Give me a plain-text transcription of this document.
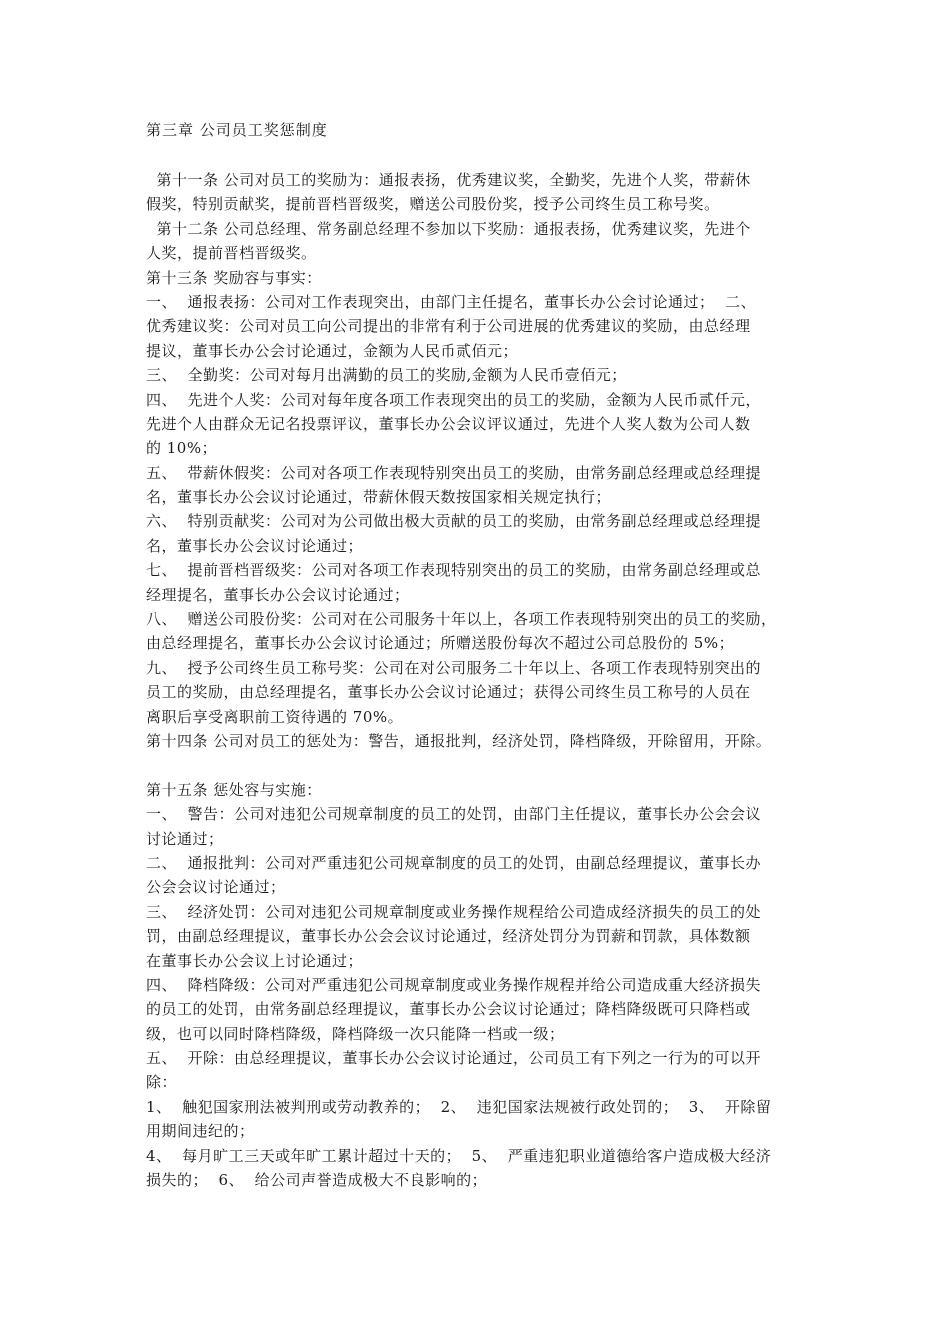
第三章 公司员工奖惩制度
第十一条 公司对员工的奖励为：通报表扬，优秀建议奖，全勤奖，先进个人奖，带薪休
假奖，特别贡献奖，提前晋档晋级奖，赠送公司股份奖，授予公司终生员工称号奖。
第十二条 公司总经理、常务副总经理不参加以下奖励：通报表扬，优秀建议奖，先进个
人奖，提前晋档晋级奖。
第十三条 奖励容与事实：
一、  通报表扬：公司对工作表现突出，由部门主任提名，董事长办公会讨论通过；  二、
优秀建议奖：公司对员工向公司提出的非常有利于公司进展的优秀建议的奖励，由总经理
提议，董事长办公会讨论通过，金额为人民币贰佰元；
三、  全勤奖：公司对每月出满勤的员工的奖励,金额为人民币壹佰元；
四、  先进个人奖：公司对每年度各项工作表现突出的员工的奖励，金额为人民币贰仟元，
先进个人由群众无记名投票评议，董事长办公会议评议通过，先进个人奖人数为公司人数
的 10%；
五、  带薪休假奖：公司对各项工作表现特别突出员工的奖励，由常务副总经理或总经理提
名，董事长办公会议讨论通过，带薪休假天数按国家相关规定执行；
六、  特别贡献奖：公司对为公司做出极大贡献的员工的奖励，由常务副总经理或总经理提
名，董事长办公会议讨论通过；
七、  提前晋档晋级奖：公司对各项工作表现特别突出的员工的奖励，由常务副总经理或总
经理提名，董事长办公会议讨论通过；
八、  赠送公司股份奖：公司对在公司服务十年以上，各项工作表现特别突出的员工的奖励，
由总经理提名，董事长办公会议讨论通过；所赠送股份每次不超过公司总股份的 5%；
九、  授予公司终生员工称号奖：公司在对公司服务二十年以上、各项工作表现特别突出的
员工的奖励，由总经理提名，董事长办公会议讨论通过；获得公司终生员工称号的人员在
离职后享受离职前工资待遇的 70%。
第十四条 公司对员工的惩处为：警告，通报批判，经济处罚，降档降级，开除留用，开除。
第十五条 惩处容与实施：
一、  警告：公司对违犯公司规章制度的员工的处罚，由部门主任提议，董事长办公会会议
讨论通过；
二、  通报批判：公司对严重违犯公司规章制度的员工的处罚，由副总经理提议，董事长办
公会会议讨论通过；
三、  经济处罚：公司对违犯公司规章制度或业务操作规程给公司造成经济损失的员工的处
罚，由副总经理提议，董事长办公会会议讨论通过，经济处罚分为罚薪和罚款，具体数额
在董事长办公会议上讨论通过；
四、  降档降级：公司对严重违犯公司规章制度或业务操作规程并给公司造成重大经济损失
的员工的处罚，由常务副总经理提议，董事长办公会议讨论通过；降档降级既可只降档或
级，也可以同时降档降级，降档降级一次只能降一档或一级；
五、  开除：由总经理提议，董事长办公会议讨论通过，公司员工有下列之一行为的可以开
除：
1、  触犯国家刑法被判刑或劳动教养的；  2、  违犯国家法规被行政处罚的；  3、  开除留
用期间违纪的；
4、  每月旷工三天或年旷工累计超过十天的；  5、  严重违犯职业道德给客户造成极大经济
损失的；  6、  给公司声誉造成极大不良影响的；
